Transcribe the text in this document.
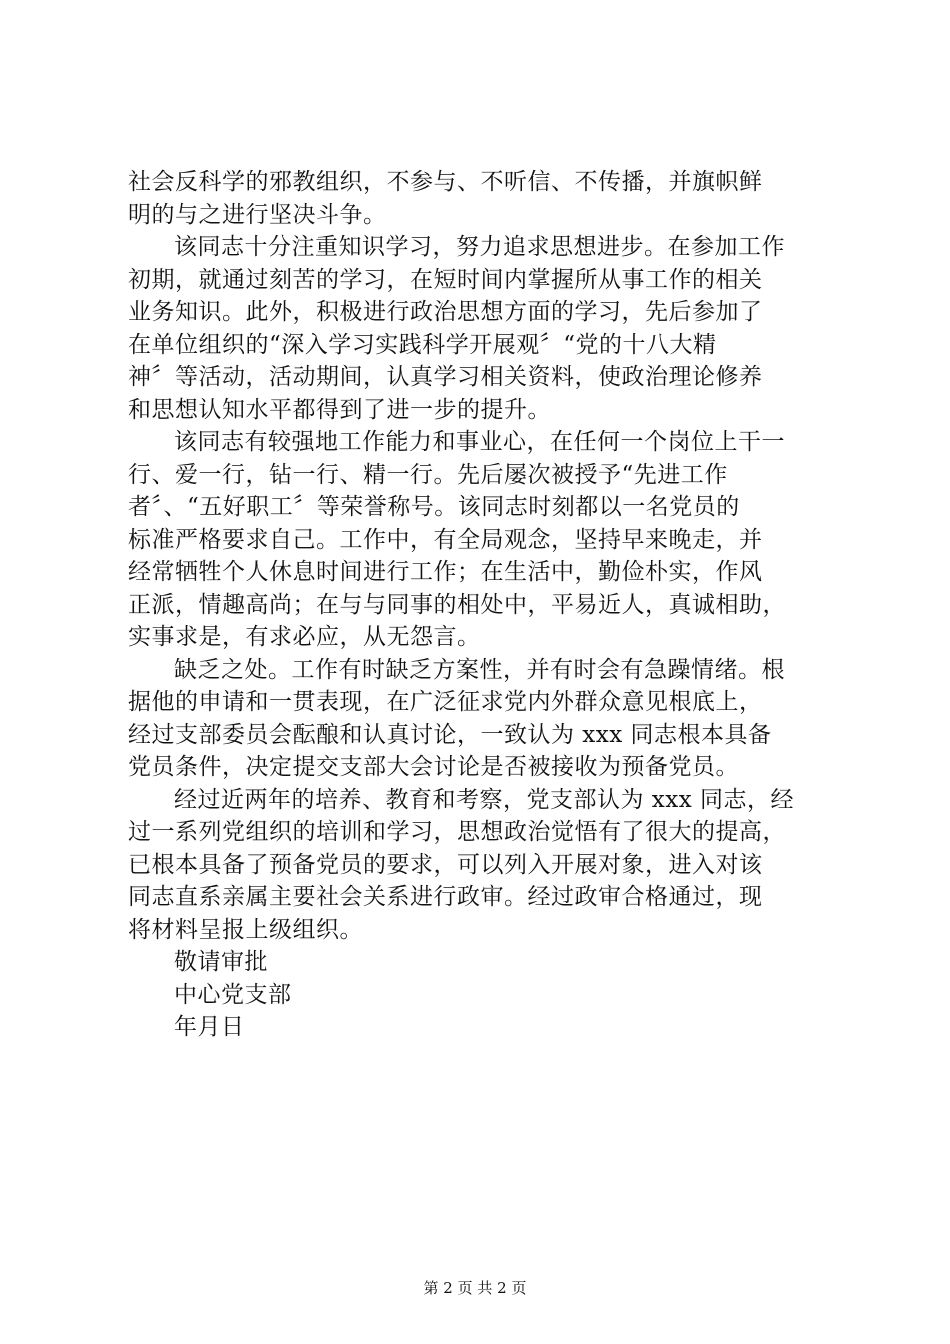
社会反科学的邪教组织，不参与、不听信、不传播，并旗帜鲜
明的与之进行坚决斗争。
该同志十分注重知识学习，努力追求思想进步。在参加工作
初期，就通过刻苦的学习，在短时间内掌握所从事工作的相关
业务知识。此外，积极进行政治思想方面的学习，先后参加了
在单位组织的“深入学习实践科学开展观〞“党的十八大精
神〞等活动，活动期间，认真学习相关资料，使政治理论修养
和思想认知水平都得到了进一步的提升。
该同志有较强地工作能力和事业心，在任何一个岗位上干一
行、爱一行，钻一行、精一行。先后屡次被授予“先进工作
者〞、“五好职工〞等荣誉称号。该同志时刻都以一名党员的
标准严格要求自己。工作中，有全局观念，坚持早来晚走，并
经常牺牲个人休息时间进行工作；在生活中，勤俭朴实，作风
正派，情趣高尚；在与与同事的相处中，平易近人，真诚相助，
实事求是，有求必应，从无怨言。
缺乏之处。工作有时缺乏方案性，并有时会有急躁情绪。根
据他的申请和一贯表现，在广泛征求党内外群众意见根底上，
经过支部委员会酝酿和认真讨论，一致认为 xxx 同志根本具备
党员条件，决定提交支部大会讨论是否被接收为预备党员。
经过近两年的培养、教育和考察，党支部认为 xxx 同志，经
过一系列党组织的培训和学习，思想政治觉悟有了很大的提高，
已根本具备了预备党员的要求，可以列入开展对象，进入对该
同志直系亲属主要社会关系进行政审。经过政审合格通过，现
将材料呈报上级组织。
敬请审批
中心党支部
年月日
第 2 页 共 2 页
